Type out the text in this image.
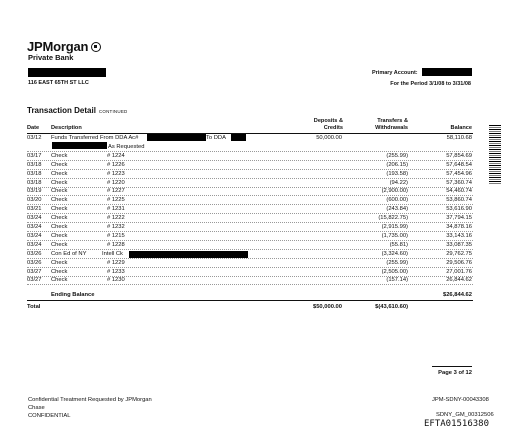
JPMorgan
Private Bank
116 EAST 65TH ST LLC
Primary Account:
For the Period 3/1/08 to 3/31/08
Transaction Detail CONTINUED
Date Description
Deposits &
Credits
Transfers &
Withdrawals	Balance
03/12 Funds Transferred From DDA Ac#	To DDA	50,000.00	58,110.68
As Requested
03/17 Check	# 1224	(255.99)	57,854.69
03/18 Check	# 1226	(206.15)	57,648.54
03/18 Check	# 1223	(193.58)	57,454.96
03/18 Check	# 1220	(94.22)	57,360.74
03/19 Check	# 1227	(2,900.00)	54,460.74
03/20 Check	# 1225	(600.00)	53,860.74
03/21 Check	# 1231	(243.84)	53,616.90
03/24 Check	# 1222	(15,822.75)	37,794.15
03/24 Check	# 1232	(2,915.99)	34,878.16
03/24 Check	# 1215	(1,735.00)	33,143.16
03/24 Check	# 1228	(55.81)	33,087.35
03/26 Con Ed of NY	Intell Ck	(3,324.60)	29,762.75
03/26 Check	# 1229	(255.99)	29,506.76
03/27 Check	# 1233	(2,505.00)	27,001.76
03/27 Check	# 1230	(157.14)	26,844.62
Ending Balance	$26,844.62
Total	$50,000.00	$(43,610.60)
Page 3 of 12
Confidential Treatment Requested by JPMorgan
Chase
CONFIDENTIAL
JPM-SDNY-00043308
SDNY_GM_00312506
EFTA01516380
